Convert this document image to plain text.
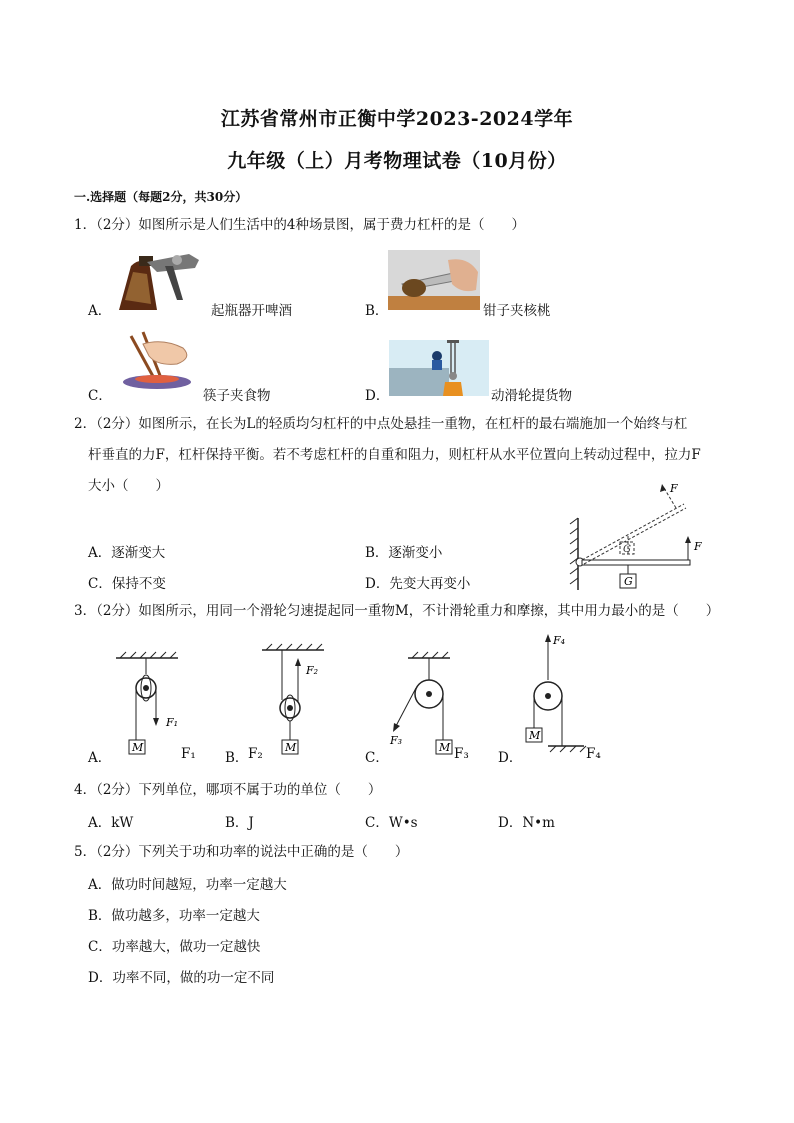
江苏省常州市正衡中学2023-2024学年
九年级（上）月考物理试卷（10月份）
一.选择题（每题2分，共30分）
1．（2分）如图所示是人们生活中的4种场景图，属于费力杠杆的是（　　）
A．	起瓶器开啤酒	B．	钳子夹核桃
C．	筷子夹食物	D．	动滑轮提货物
2．（2分）如图所示，在长为L的轻质均匀杠杆的中点处悬挂一重物，在杠杆的最右端施加一个始终与杠
杆垂直的力F，杠杆保持平衡。若不考虑杠杆的自重和阻力，则杠杆从水平位置向上转动过程中，拉力F
大小（　　）
A．逐渐变大	B．逐渐变小
C．保持不变	D．先变大再变小	G
F
G
F
3．（2分）如图所示，用同一个滑轮匀速提起同一重物M，不计滑轮重力和摩擦，其中用力最小的是（　　）
F₁
M
F₂
M
F₃
M
F₄
M
A．	F₁ B． F₂	C．	F₃ D．	F₄
4．（2分）下列单位，哪项不属于功的单位（　　）
A．kW	B．J	C．W•s	D．N•m
5．（2分）下列关于功和功率的说法中正确的是（　　）
A．做功时间越短，功率一定越大
B．做功越多，功率一定越大
C．功率越大，做功一定越快
D．功率不同，做的功一定不同
